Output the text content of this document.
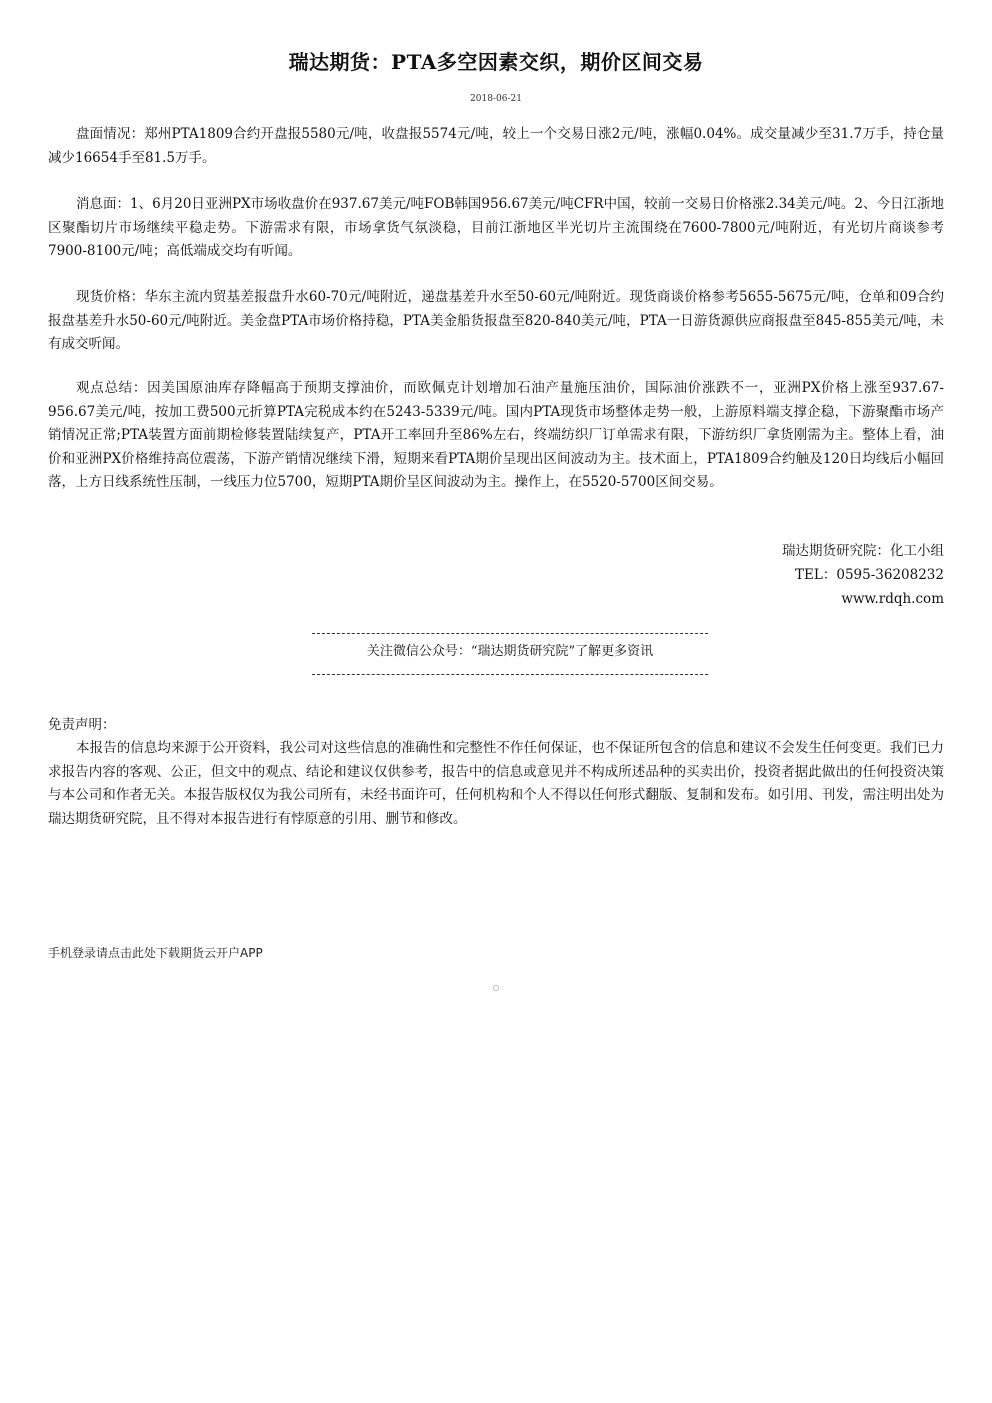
瑞达期货：PTA多空因素交织，期价区间交易
2018-06-21

盘面情况：郑州PTA1809合约开盘报5580元/吨，收盘报5574元/吨，较上一个交易日涨2元/吨，涨幅0.04%。成交量减少至31.7万手，持仓量减少16654手至81.5万手。

消息面：1、6月20日亚洲PX市场收盘价在937.67美元/吨FOB韩国956.67美元/吨CFR中国，较前一交易日价格涨2.34美元/吨。2、今日江浙地区聚酯切片市场继续平稳走势。下游需求有限，市场拿货气氛淡稳，目前江浙地区半光切片主流围绕在7600-7800元/吨附近，有光切片商谈参考7900-8100元/吨；高低端成交均有听闻。

现货价格：华东主流内贸基差报盘升水60-70元/吨附近，递盘基差升水至50-60元/吨附近。现货商谈价格参考5655-5675元/吨，仓单和09合约报盘基差升水50-60元/吨附近。美金盘PTA市场价格持稳，PTA美金船货报盘至820-840美元/吨，PTA一日游货源供应商报盘至845-855美元/吨，未有成交听闻。

观点总结：因美国原油库存降幅高于预期支撑油价，而欧佩克计划增加石油产量施压油价，国际油价涨跌不一，亚洲PX价格上涨至937.67-956.67美元/吨，按加工费500元折算PTA完税成本约在5243-5339元/吨。国内PTA现货市场整体走势一般，上游原料端支撑企稳，下游聚酯市场产销情况正常;PTA装置方面前期检修装置陆续复产，PTA开工率回升至86%左右，终端纺织厂订单需求有限，下游纺织厂拿货刚需为主。整体上看，油价和亚洲PX价格维持高位震荡，下游产销情况继续下滑，短期来看PTA期价呈现出区间波动为主。技术面上，PTA1809合约触及120日均线后小幅回落，上方日线系统性压制，一线压力位5700，短期PTA期价呈区间波动为主。操作上，在5520-5700区间交易。

瑞达期货研究院：化工小组
TEL：0595-36208232
www.rdqh.com
关注微信公众号：“瑞达期货研究院”了解更多资讯
免责声明：

本报告的信息均来源于公开资料，我公司对这些信息的准确性和完整性不作任何保证，也不保证所包含的信息和建议不会发生任何变更。我们已力求报告内容的客观、公正，但文中的观点、结论和建议仅供参考，报告中的信息或意见并不构成所述品种的买卖出价，投资者据此做出的任何投资决策与本公司和作者无关。本报告版权仅为我公司所有，未经书面许可，任何机构和个人不得以任何形式翻版、复制和发布。如引用、刊发，需注明出处为瑞达期货研究院，且不得对本报告进行有悖原意的引用、删节和修改。

手机登录请点击此处下载期货云开户APP
